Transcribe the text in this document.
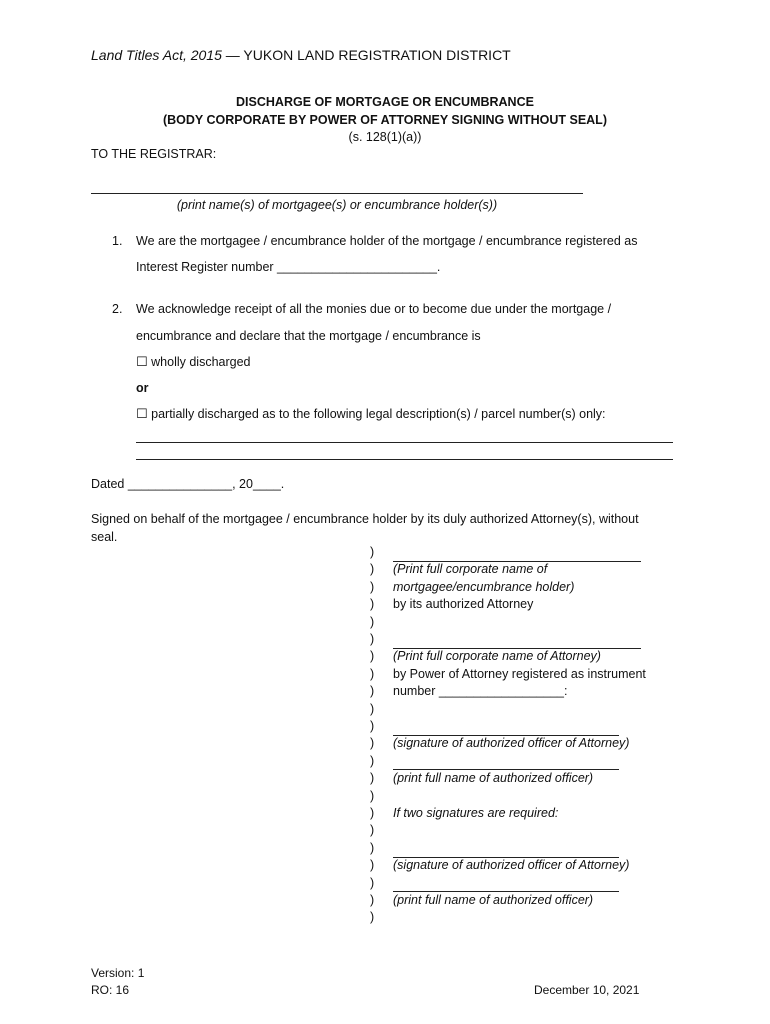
Land Titles Act, 2015 — YUKON LAND REGISTRATION DISTRICT
DISCHARGE OF MORTGAGE OR ENCUMBRANCE
(BODY CORPORATE BY POWER OF ATTORNEY SIGNING WITHOUT SEAL)
(s. 128(1)(a))
TO THE REGISTRAR:
(print name(s) of mortgagee(s) or encumbrance holder(s))
1. We are the mortgagee / encumbrance holder of the mortgage / encumbrance registered as
Interest Register number _______________________.
2. We acknowledge receipt of all the monies due or to become due under the mortgage /
encumbrance and declare that the mortgage / encumbrance is
☐ wholly discharged
or
☐ partially discharged as to the following legal description(s) / parcel number(s) only:
Dated _______________, 20____.
Signed on behalf of the mortgagee / encumbrance holder by its duly authorized Attorney(s), without
seal.
)
)
)
)
)
)
)
)
)
)
)
)
)
)
)
)
)
)
)
)
)
)
(Print full corporate name of
mortgagee/encumbrance holder)
by its authorized Attorney
(Print full corporate name of Attorney)
by Power of Attorney registered as instrument
number __________________:
(signature of authorized officer of Attorney)
(print full name of authorized officer)
If two signatures are required:
(signature of authorized officer of Attorney)
(print full name of authorized officer)
Version: 1
RO: 16	December 10, 2021
